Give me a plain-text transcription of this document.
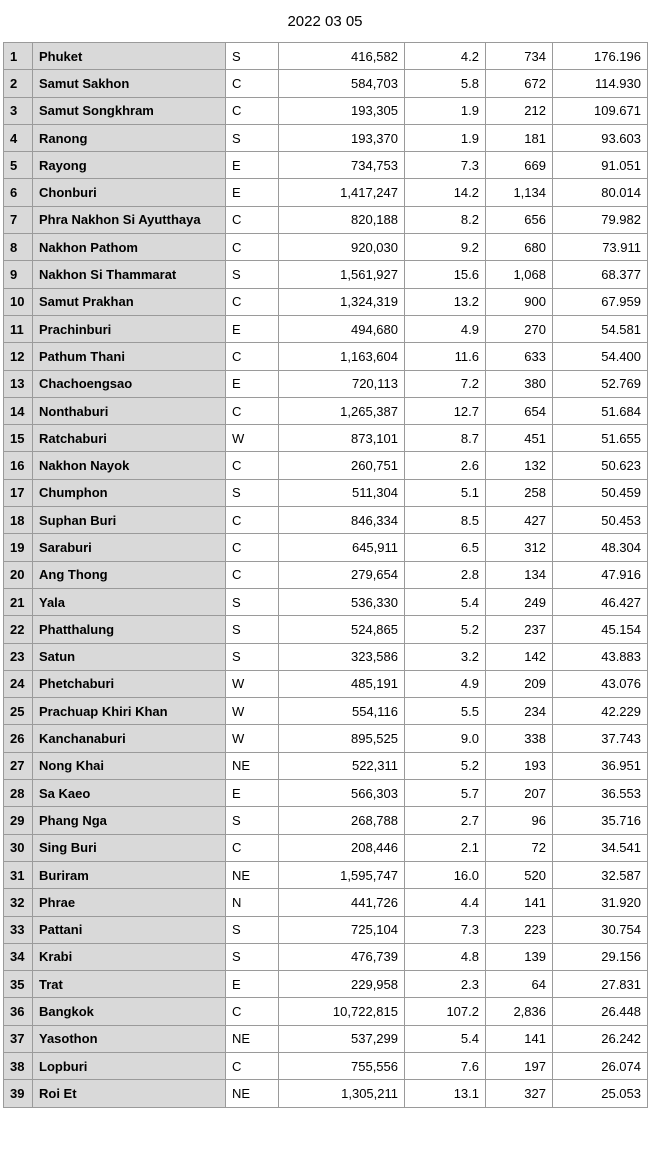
2022 03 05
1	Phuket	S	416,582	4.2	734	176.196
2	Samut Sakhon	C	584,703	5.8	672	114.930
3	Samut Songkhram	C	193,305	1.9	212	109.671
4	Ranong	S	193,370	1.9	181	93.603
5	Rayong	E	734,753	7.3	669	91.051
6	Chonburi	E	1,417,247	14.2	1,134	80.014
7	Phra Nakhon Si Ayutthaya	C	820,188	8.2	656	79.982
8	Nakhon Pathom	C	920,030	9.2	680	73.911
9	Nakhon Si Thammarat	S	1,561,927	15.6	1,068	68.377
10	Samut Prakhan	C	1,324,319	13.2	900	67.959
11	Prachinburi	E	494,680	4.9	270	54.581
12	Pathum Thani	C	1,163,604	11.6	633	54.400
13	Chachoengsao	E	720,113	7.2	380	52.769
14	Nonthaburi	C	1,265,387	12.7	654	51.684
15	Ratchaburi	W	873,101	8.7	451	51.655
16	Nakhon Nayok	C	260,751	2.6	132	50.623
17	Chumphon	S	511,304	5.1	258	50.459
18	Suphan Buri	C	846,334	8.5	427	50.453
19	Saraburi	C	645,911	6.5	312	48.304
20	Ang Thong	C	279,654	2.8	134	47.916
21	Yala	S	536,330	5.4	249	46.427
22	Phatthalung	S	524,865	5.2	237	45.154
23	Satun	S	323,586	3.2	142	43.883
24	Phetchaburi	W	485,191	4.9	209	43.076
25	Prachuap Khiri Khan	W	554,116	5.5	234	42.229
26	Kanchanaburi	W	895,525	9.0	338	37.743
27	Nong Khai	NE	522,311	5.2	193	36.951
28	Sa Kaeo	E	566,303	5.7	207	36.553
29	Phang Nga	S	268,788	2.7	96	35.716
30	Sing Buri	C	208,446	2.1	72	34.541
31	Buriram	NE	1,595,747	16.0	520	32.587
32	Phrae	N	441,726	4.4	141	31.920
33	Pattani	S	725,104	7.3	223	30.754
34	Krabi	S	476,739	4.8	139	29.156
35	Trat	E	229,958	2.3	64	27.831
36	Bangkok	C	10,722,815	107.2	2,836	26.448
37	Yasothon	NE	537,299	5.4	141	26.242
38	Lopburi	C	755,556	7.6	197	26.074
39	Roi Et	NE	1,305,211	13.1	327	25.053
